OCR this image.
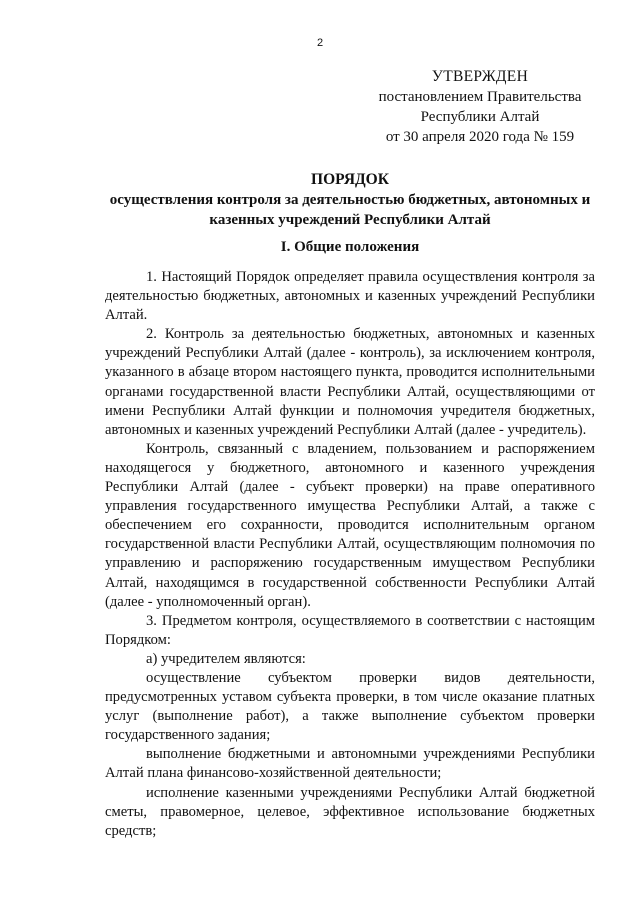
2
УТВЕРЖДЕН
постановлением Правительства
Республики Алтай
от 30 апреля 2020 года № 159
ПОРЯДОК
осуществления контроля за деятельностью бюджетных, автономных и казенных учреждений Республики Алтай
I. Общие положения

1. Настоящий Порядок определяет правила осуществления контроля за деятельностью бюджетных, автономных и казенных учреждений Республики Алтай.

2. Контроль за деятельностью бюджетных, автономных и казенных учреждений Республики Алтай (далее - контроль), за исключением контроля, указанного в абзаце втором настоящего пункта, проводится исполнительными органами государственной власти Республики Алтай, осуществляющими от имени Республики Алтай функции и полномочия учредителя бюджетных, автономных и казенных учреждений Республики Алтай (далее - учредитель).

Контроль, связанный с владением, пользованием и распоряжением находящегося у бюджетного, автономного и казенного учреждения Республики Алтай (далее - субъект проверки) на праве оперативного управления государственного имущества Республики Алтай, а также с обеспечением его сохранности, проводится исполнительным органом государственной власти Республики Алтай, осуществляющим полномочия по управлению и распоряжению государственным имуществом Республики Алтай, находящимся в государственной собственности Республики Алтай (далее - уполномоченный орган).

3. Предметом контроля, осуществляемого в соответствии с настоящим Порядком:

а) учредителем являются:

осуществление субъектом проверки видов деятельности, предусмотренных уставом субъекта проверки, в том числе оказание платных услуг (выполнение работ), а также выполнение субъектом проверки государственного задания;

выполнение бюджетными и автономными учреждениями Республики Алтай плана финансово-хозяйственной деятельности;

исполнение казенными учреждениями Республики Алтай бюджетной сметы, правомерное, целевое, эффективное использование бюджетных средств;
